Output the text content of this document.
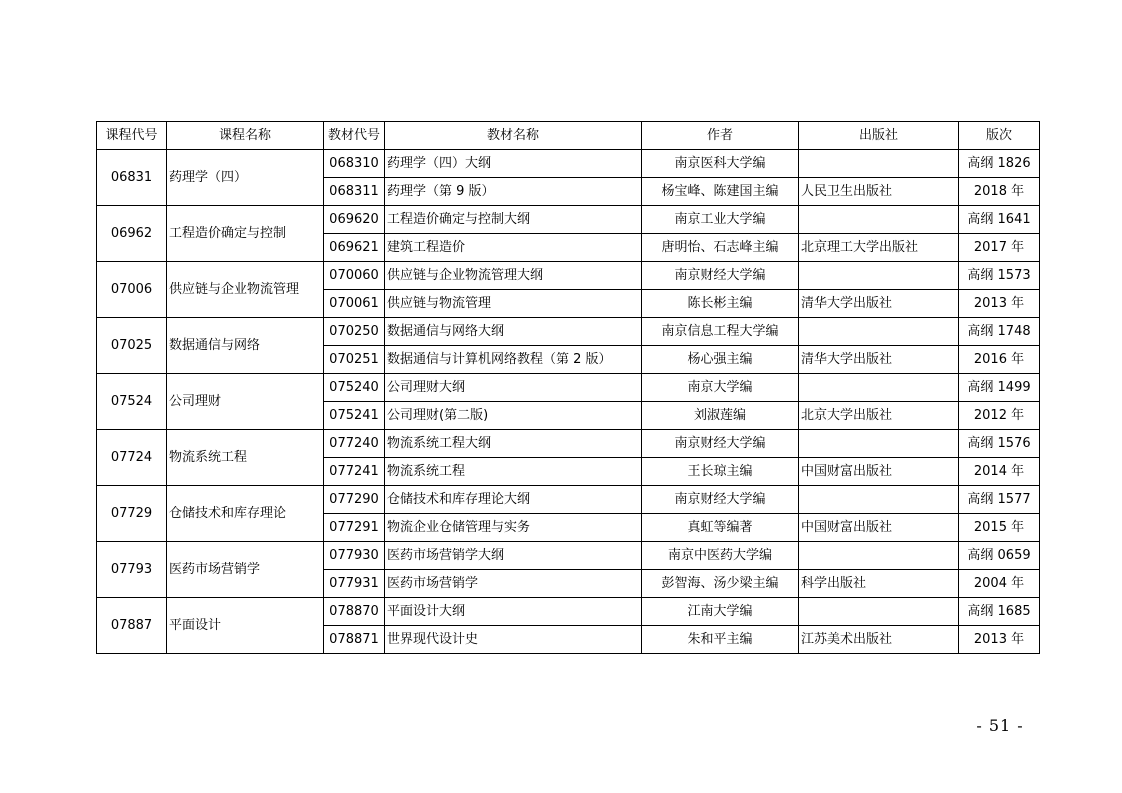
课程代号	课程名称	教材代号	教材名称	作者	出版社	版次
06831	药理学（四）	068310	药理学（四）大纲	南京医科大学编		高纲 1826
		068311	药理学（第 9 版）	杨宝峰、陈建国主编	人民卫生出版社	2018 年
06962	工程造价确定与控制	069620	工程造价确定与控制大纲	南京工业大学编		高纲 1641
		069621	建筑工程造价	唐明怡、石志峰主编	北京理工大学出版社	2017 年
07006	供应链与企业物流管理	070060	供应链与企业物流管理大纲	南京财经大学编		高纲 1573
		070061	供应链与物流管理	陈长彬主编	清华大学出版社	2013 年
07025	数据通信与网络	070250	数据通信与网络大纲	南京信息工程大学编		高纲 1748
		070251	数据通信与计算机网络教程（第 2 版）	杨心强主编	清华大学出版社	2016 年
07524	公司理财	075240	公司理财大纲	南京大学编		高纲 1499
		075241	公司理财(第二版)	刘淑莲编	北京大学出版社	2012 年
07724	物流系统工程	077240	物流系统工程大纲	南京财经大学编		高纲 1576
		077241	物流系统工程	王长琼主编	中国财富出版社	2014 年
07729	仓储技术和库存理论	077290	仓储技术和库存理论大纲	南京财经大学编		高纲 1577
		077291	物流企业仓储管理与实务	真虹等编著	中国财富出版社	2015 年
07793	医药市场营销学	077930	医药市场营销学大纲	南京中医药大学编		高纲 0659
		077931	医药市场营销学	彭智海、汤少梁主编	科学出版社	2004 年
07887	平面设计	078870	平面设计大纲	江南大学编		高纲 1685
		078871	世界现代设计史	朱和平主编	江苏美术出版社	2013 年
- 51 -
